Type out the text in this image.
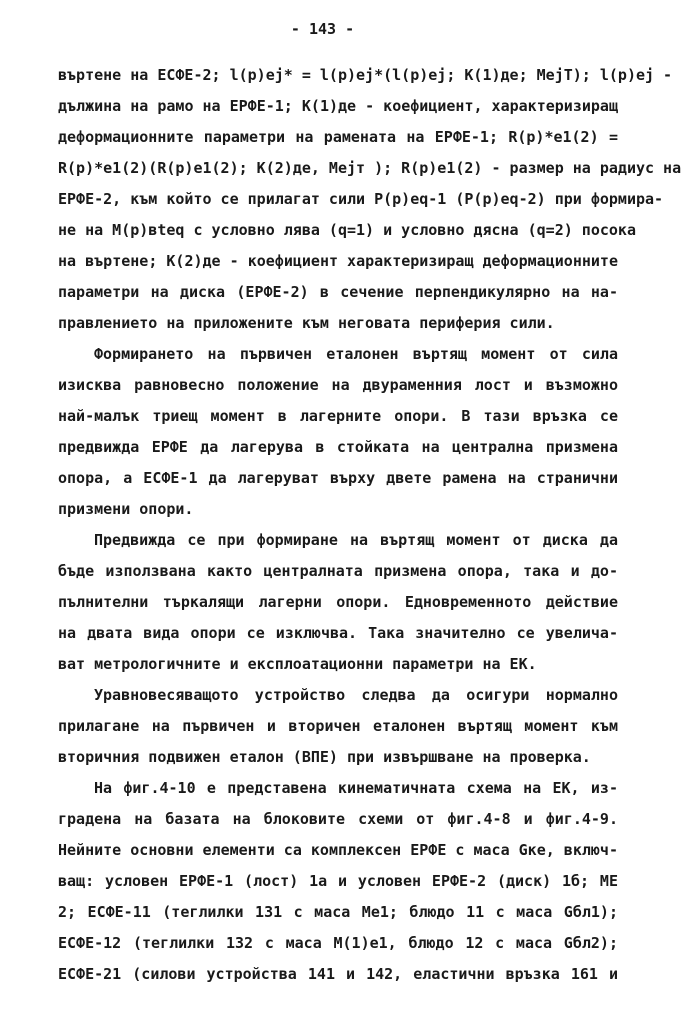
- 143 -
въртене на ЕСФЕ-2; l(p)ej* = l(p)ej*(l(p)ej; K(1)де; MejT); l(p)ej -
дължина на рамо на ЕРФЕ-1; K(1)де - коефициент, характеризиращ
деформационните параметри на рамената на ЕРФЕ-1; R(p)*e1(2) =
R(p)*e1(2)(R(p)e1(2); K(2)де, Mejт ); R(p)e1(2) - размер на радиус на
ЕРФЕ-2, към който се прилагат сили P(p)eq-1 (P(p)eq-2) при формира-
не на M(p)вteq с условно лява (q=1) и условно дясна (q=2) посока
на въртене; K(2)де - коефициент характеризиращ деформационните
параметри на диска (ЕРФЕ-2) в сечение перпендикулярно на на-
правлението на приложените към неговата периферия сили.
Формирането на първичен еталонен въртящ момент от сила
изисква равновесно положение на двураменния лост и възможно
най-малък триещ момент в лагерните опори. В тази връзка се
предвижда ЕРФЕ да лагерува в стойката на централна призмена
опора, а ЕСФЕ-1 да лагеруват върху двете рамена на странични
призмени опори.
Предвижда се при формиране на въртящ момент от диска да
бъде използвана както централната призмена опора, така и до-
пълнителни търкалящи лагерни опори. Едновременното действие
на двата вида опори се изключва. Така значително се увелича-
ват метрологичните и експлоатационни параметри на ЕК.
Уравновесяващото устройство следва да осигури нормално
прилагане на първичен и вторичен еталонен въртящ момент към
вторичния подвижен еталон (ВПЕ) при извършване на проверка.
На фиг.4-10 е представена кинематичната схема на ЕК, из-
градена на базата на блоковите схеми от фиг.4-8 и фиг.4-9.
Нейните основни елементи са комплексен ЕРФЕ с маса Gке, включ-
ващ: условен ЕРФЕ-1 (лост) 1а и условен ЕРФЕ-2 (диск) 1б; МЕ
2; ЕСФЕ-11 (теглилки 131 с маса Me1; блюдо 11 с маса Gбл1);
ЕСФЕ-12 (теглилки 132 с маса M(1)e1, блюдо 12 с маса Gбл2);
ЕСФЕ-21 (силови устройства 141 и 142, еластични връзка 161 и
